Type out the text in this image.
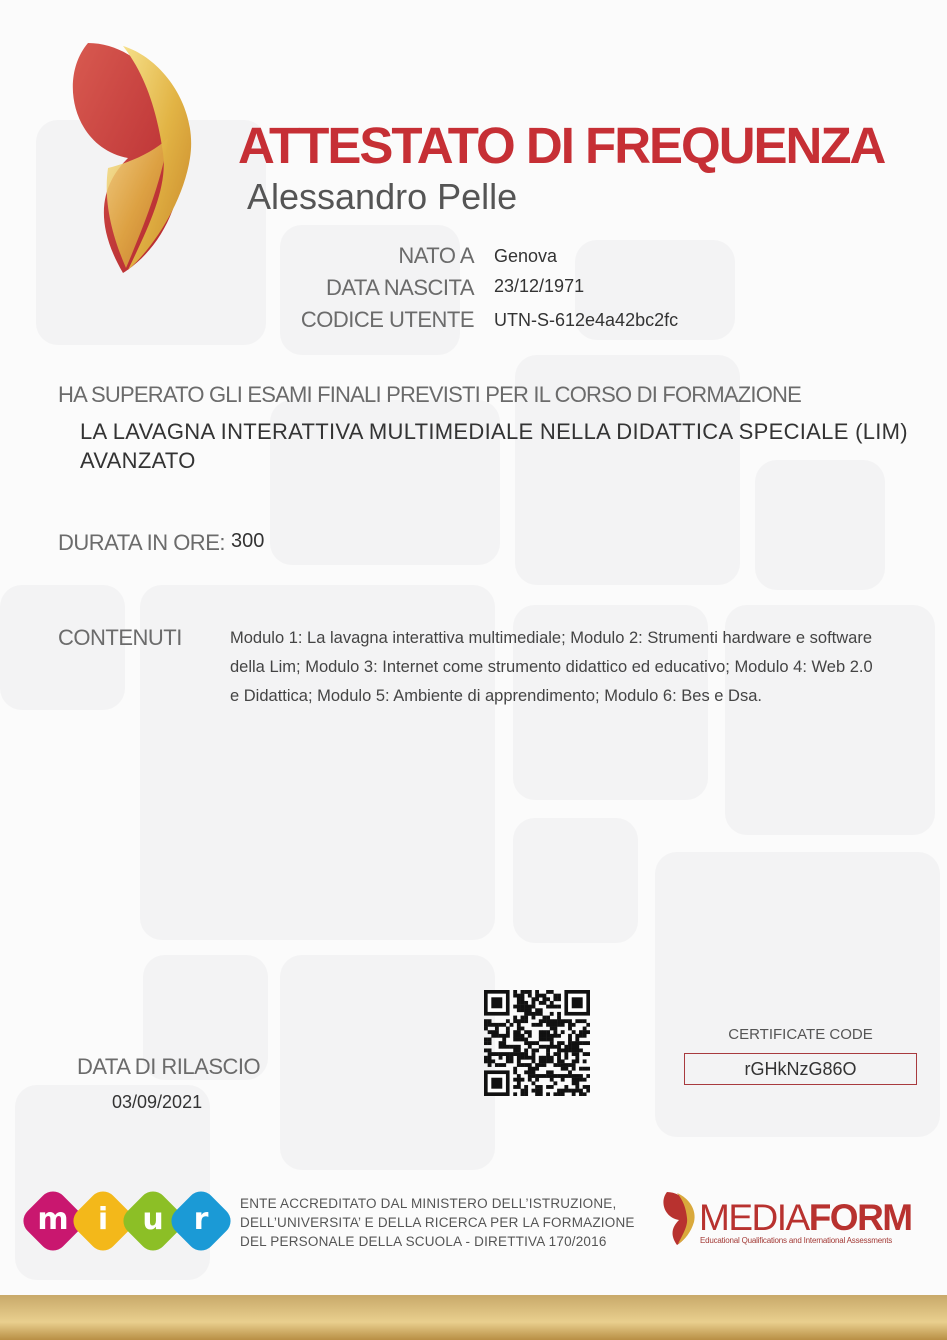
ATTESTATO DI FREQUENZA
Alessandro Pelle
NATO A Genova
DATA NASCITA 23/12/1971
CODICE UTENTE UTN-S-612e4a42bc2fc
HA SUPERATO GLI ESAMI FINALI PREVISTI PER IL CORSO DI FORMAZIONE
LA LAVAGNA INTERATTIVA MULTIMEDIALE NELLA DIDATTICA SPECIALE (LIM) AVANZATO
DURATA IN ORE: 300
CONTENUTI	Modulo 1: La lavagna interattiva multimediale; Modulo 2: Strumenti hardware e software della Lim; Modulo 3: Internet come strumento didattico ed educativo; Modulo 4: Web 2.0 e Didattica; Modulo 5: Ambiente di apprendimento; Modulo 6: Bes e Dsa.
DATA DI RILASCIO
03/09/2021
CERTIFICATE CODE
rGHkNzG86O
m i	u r	ENTE ACCREDITATO DAL MINISTERO DELL’ISTRUZIONE,
DELL’UNIVERSITA’ E DELLA RICERCA PER LA FORMAZIONE
DEL PERSONALE DELLA SCUOLA - DIRETTIVA 170/2016
MEDIAFORM
Educational Qualifications and International Assessments
